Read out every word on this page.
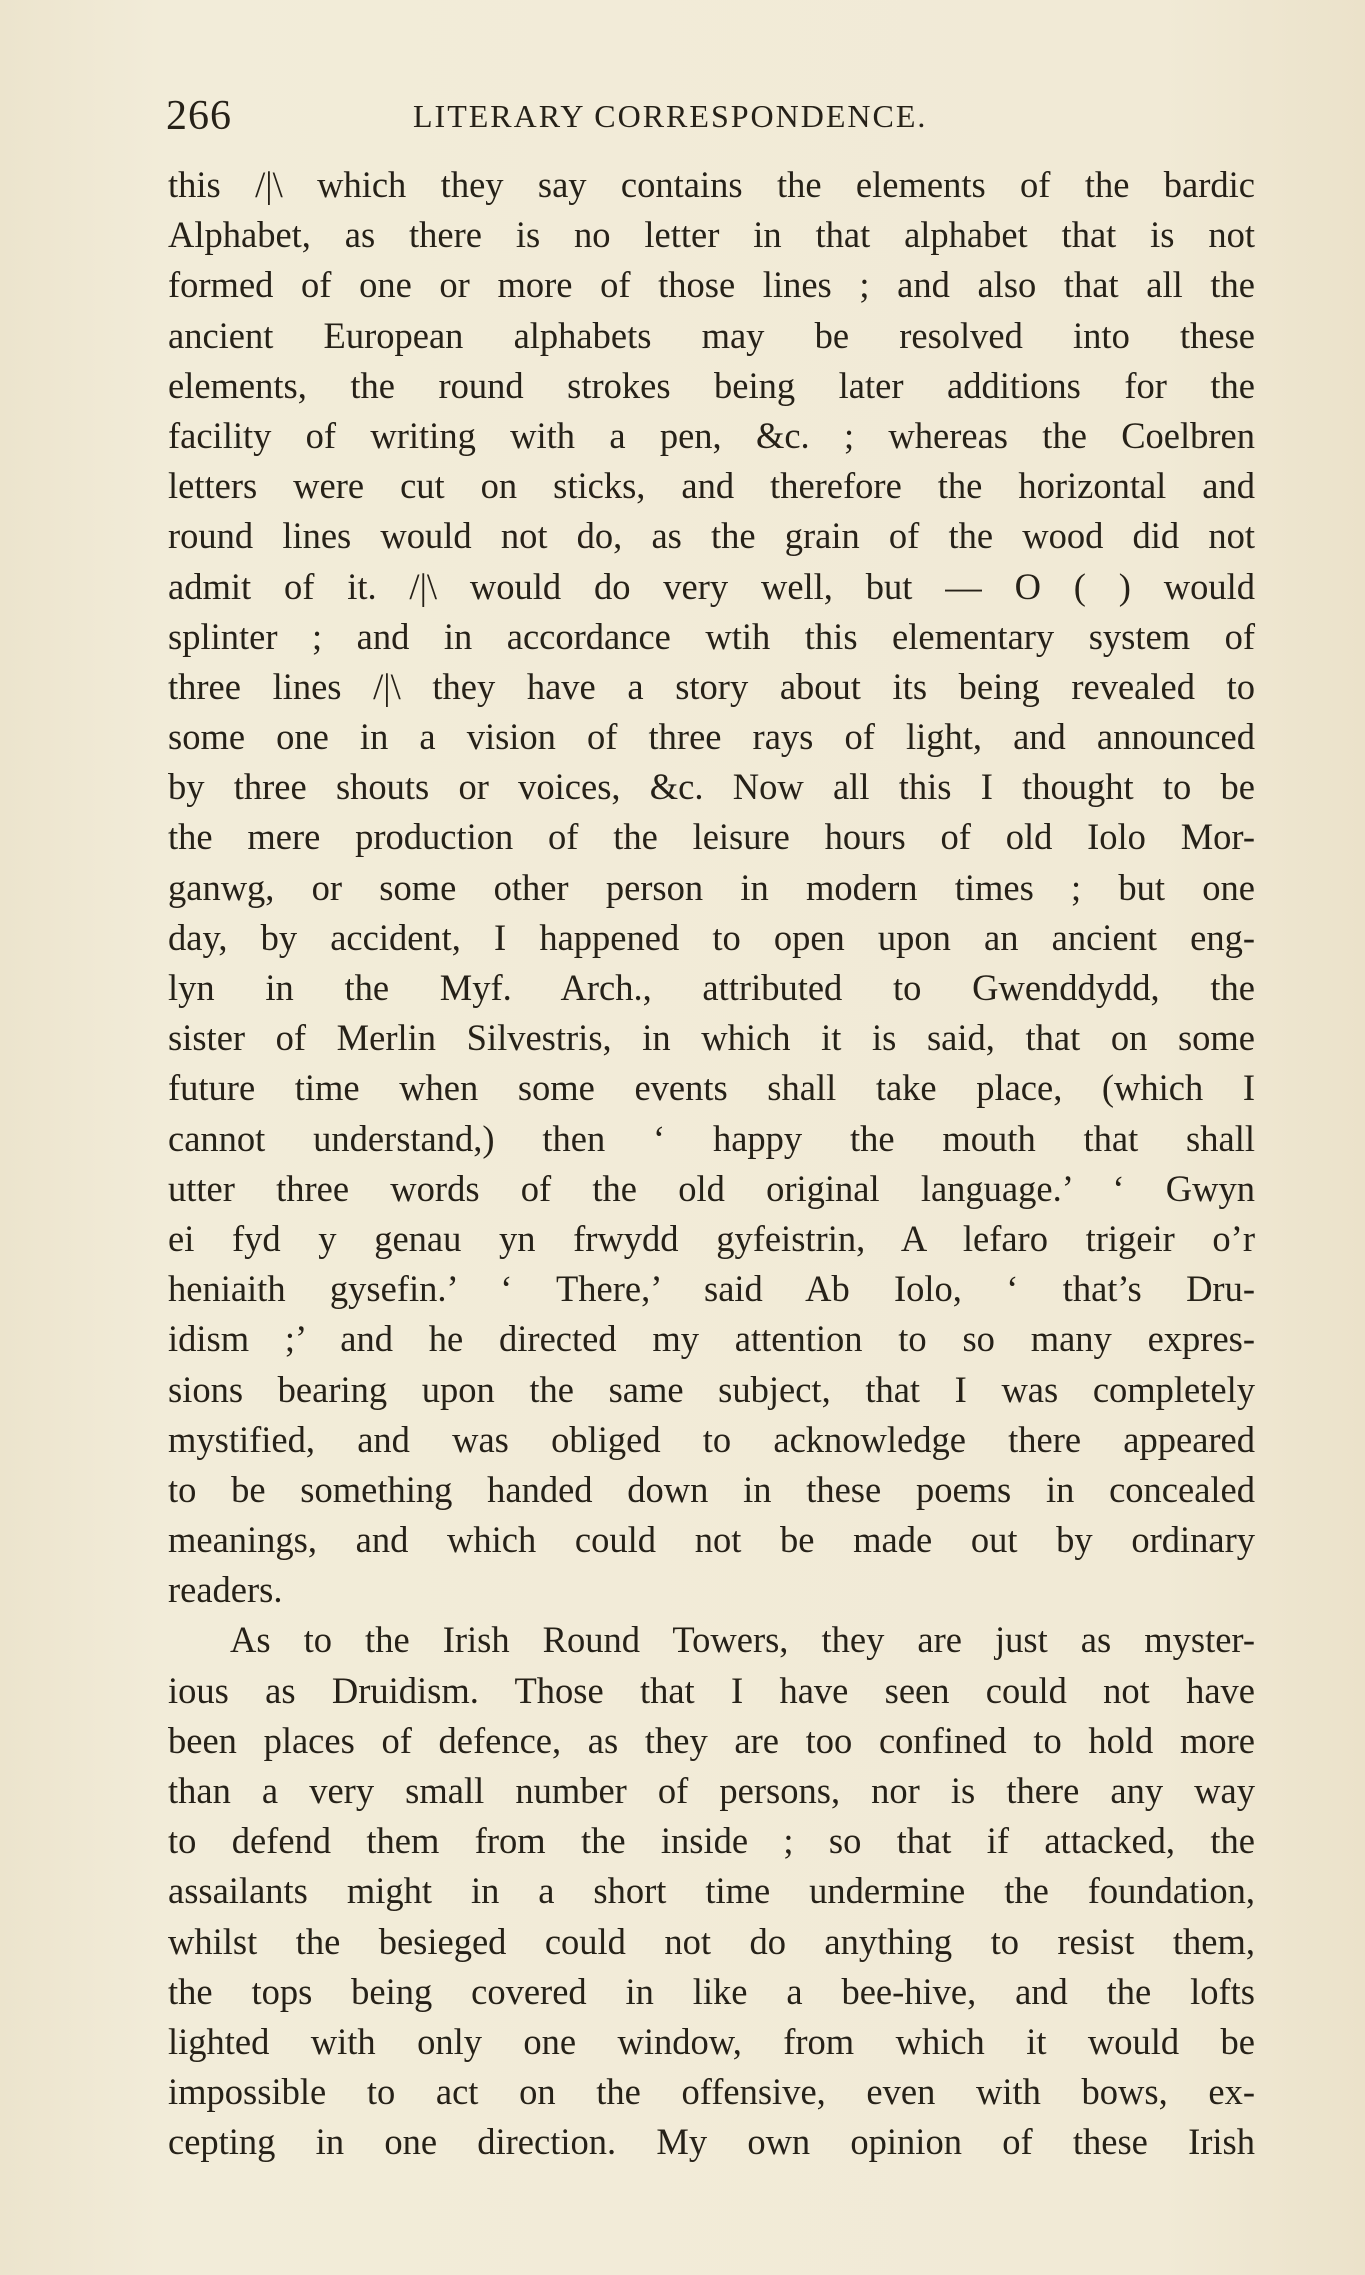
266	LITERARY CORRESPONDENCE.
this /|\ which they say contains the elements of the bardic
Alphabet, as there is no letter in that alphabet that is not
formed of one or more of those lines ; and also that all the
ancient European alphabets may be resolved into these
elements, the round strokes being later additions for the
facility of writing with a pen, &c. ; whereas the Coelbren
letters were cut on sticks, and therefore the horizontal and
round lines would not do, as the grain of the wood did not
admit of it. /|\ would do very well, but — O ( ) would
splinter ; and in accordance wtih this elementary system of
three lines /|\ they have a story about its being revealed to
some one in a vision of three rays of light, and announced
by three shouts or voices, &c. Now all this I thought to be
the mere production of the leisure hours of old Iolo Mor-
ganwg, or some other person in modern times ; but one
day, by accident, I happened to open upon an ancient eng-
lyn in the Myf. Arch., attributed to Gwenddydd, the
sister of Merlin Silvestris, in which it is said, that on some
future time when some events shall take place, (which I
cannot understand,) then ‘ happy the mouth that shall
utter three words of the old original language.’ ‘ Gwyn
ei fyd y genau yn frwydd gyfeistrin, A lefaro trigeir o’r
heniaith gysefin.’ ‘ There,’ said Ab Iolo, ‘ that’s Dru-
idism ;’ and he directed my attention to so many expres-
sions bearing upon the same subject, that I was completely
mystified, and was obliged to acknowledge there appeared
to be something handed down in these poems in concealed
meanings, and which could not be made out by ordinary
readers.
As to the Irish Round Towers, they are just as myster-
ious as Druidism. Those that I have seen could not have
been places of defence, as they are too confined to hold more
than a very small number of persons, nor is there any way
to defend them from the inside ; so that if attacked, the
assailants might in a short time undermine the foundation,
whilst the besieged could not do anything to resist them,
the tops being covered in like a bee-hive, and the lofts
lighted with only one window, from which it would be
impossible to act on the offensive, even with bows, ex-
cepting in one direction. My own opinion of these Irish
